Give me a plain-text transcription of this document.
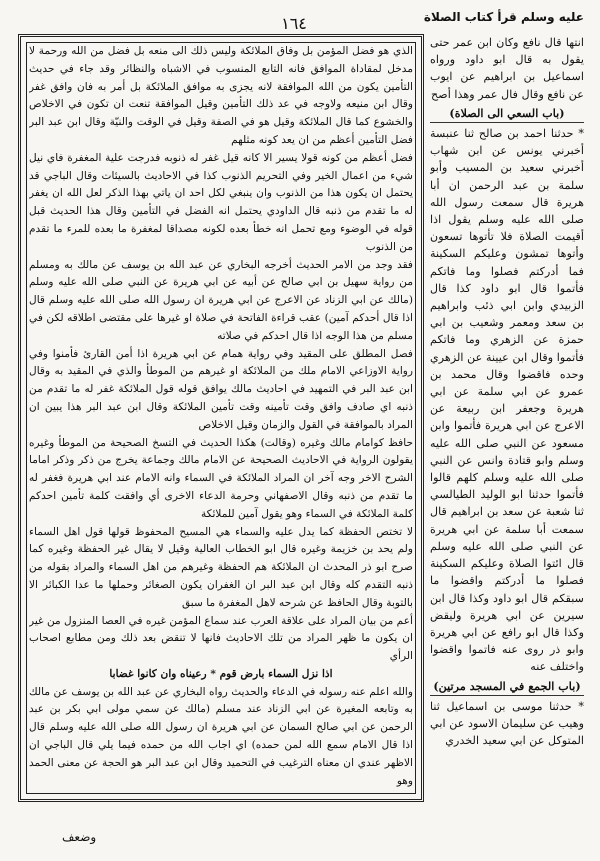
١٦٤	عليه وسلم قرأ كتاب الصلاة

الذي هو فضل المؤمن بل وفاق الملائكة وليس ذلك الى منعه بل فضل من الله ورحمة لا مدخل لمقاداة الموافق فانه التابع المنسوب في الاشباه والنظائر وقد جاء في حديث التأمين يكون من الله الموافقة لانه يجزى به موافق الملائكة بل أمر به فان وافق غفر وقال ابن منيعه ولاوجه في عد ذلك التأمين وقيل الموافقة تنعت ان تكون في الاخلاص والخشوع كما قال الملائكة وقيل هو في الصفة وقيل في الوقت والنيّة وقال ابن عبد البر فضل التأمين أعظم من ان يعد كونه مثلهم

فضل أعظم من كونه قولا يسير الا كانه قيل غفر له ذنوبه فدرجت علية المغفرة فاي نيل شيء من اعمال الخير وفي التحريم الذنوب كذا في الاحاديث بالسيئات وقال الباجي قد يحتمل ان يكون هذا من الذنوب وان ينبغي لكل احد ان ياتي بهذا الذكر لعل الله ان يغفر له ما تقدم من ذنبه قال الداودي يحتمل انه الفضل في التأمين وقال هذا الحديث قبل قوله في الوضوء ومع تحمل انه خطأ بعده لكونه مصداقا لمغفرة ما بعده للمرء ما تقدم من الذنوب

فقد وجد من الامر الحديث أخرجه البخاري عن عبد الله بن يوسف عن مالك به ومسلم من رواية سهيل بن ابي صالح عن أبيه عن ابي هريرة عن النبي صلى الله عليه وسلم (مالك عن ابي الزناد عن الاعرج عن ابي هريرة ان رسول الله صلى الله عليه وسلم قال اذا قال أحدكم آمين) عقب قراءة الفاتحة في صلاة او غيرها على مقتضى اطلاقه لكن في مسلم من هذا الوجه اذا قال احدكم في صلاته

فصل المطلق على المقيد وفي رواية همام عن ابي هريرة اذا أمن القارئ فأمنوا وفي رواية الاوزاعي الامام ملك من الملائكة او غيرهم من الموطأ والذي في المقيد به وقال ابن عبد البر في التمهيد في احاديث مالك يوافق قوله قول الملائكة غفر له ما تقدم من ذنبه اي صادف وافق وقت تأمينه وقت تأمين الملائكة وقال ابن عبد البر هذا يبين ان المراد بالموافقة في القول والزمان وقيل الاخلاص

حافظ كوامام مالك وغيره (وقالت) هكذا الحديث في التسخ الصحيحة من الموطأ وغيره يقولون الرواية في الاحاديث الصحيحة عن الامام مالك وجماعة يخرج من ذكر وذكر اماما الشرح الاخر وجه آخر ان المراد الملائكة في السماء وانه الامام عند ابي هريرة فغفر له ما تقدم من ذنبه وقال الاصفهاني وحرمة الدعاء الاخرى أي وافقت كلمة تأمين احدكم كلمة الملائكة في السماء وهو يقول آمين للملائكة

لا تختص الحفظة كما يدل عليه والسماء هي المسيح المحفوظ قولها قول اهل السماء ولم يحد بن خزيمة وغيره قال ابو الخطاب العالية وقيل لا يقال غير الحفظة وغيره كما صرح ابو ذر المحدث ان الملائكة هم الحفظة وغيرهم من اهل السماء والمراد بقوله من ذنبه التقدم كله وقال ابن عبد البر ان الغفران يكون الصغائر وحملها ما عدا الكبائر الا بالتوبة وقال الحافظ عن شرحه لاهل المغفرة ما سبق

أعم من بيان المراد على علاقة العرب عند سماع المؤمن غيره في العصا المنزول من غير ان يكون ما ظهر المراد من تلك الاحاديث فانها لا تنقض بعد ذلك ومن مطابع اصحاب الرأي

اذا نزل السماء بارض قوم * رعيناه وان كانوا غضابا

والله اعلم عنه رسوله في الدعاء والحديث رواه البخاري عن عبد الله بن يوسف عن مالك به وتابعه المغيرة عن ابي الزناد عند مسلم (مالك عن سمي مولى ابي بكر بن عبد الرحمن عن ابي صالح السمان عن ابي هريرة ان رسول الله صلى الله عليه وسلم قال اذا قال الامام سمع الله لمن حمده) اي اجاب الله من حمده فيما يلي قال الباجي ان الاظهر عندي ان معناه الترغيب في التحميد وقال ابن عبد البر هو الحجة عن معنى الحمد وهو

انتها قال نافع وكان ابن عمر حتى يقول به قال ابو داود ورواه اسماعيل بن ابراهيم عن ايوب عن نافع وقال فال عمر وهذا أصح

(باب السعي الى الصلاة)

* حدثنا احمد بن صالح ثنا عنبسة أخبرني يونس عن ابن شهاب أخبرني سعيد بن المسيب وأبو سلمة بن عبد الرحمن ان أبا هريرة قال سمعت رسول الله صلى الله عليه وسلم يقول اذا أقيمت الصلاة فلا تأتوها تسعون وأتوها تمشون وعليكم السكينة فما أدركتم فصلوا وما فاتكم فأتموا قال ابو داود كذا قال الزبيدي وابن ابي ذئب وابراهيم بن سعد ومعمر وشعيب بن ابي حمزة عن الزهري وما فاتكم فأتموا وقال ابن عيينة عن الزهري وحده فاقضوا وقال محمد بن عمرو عن ابي سلمة عن ابي هريرة وجعفر ابن ربيعة عن الاعرج عن ابي هريرة فأتموا وابن مسعود عن النبي صلى الله عليه وسلم وابو قتادة وانس عن النبي صلى الله عليه وسلم كلهم قالوا فأتموا حدثنا ابو الوليد الطيالسي ثنا شعبة عن سعد بن ابراهيم قال سمعت أبا سلمة عن ابي هريرة عن النبي صلى الله عليه وسلم قال ائتوا الصلاة وعليكم السكينة فصلوا ما أدركتم واقضوا ما سبقكم قال ابو داود وكذا قال ابن سيرين عن ابي هريرة وليقض وكذا قال ابو رافع عن ابي هريرة وابو ذر روى عنه فاتموا واقضوا واختلف عنه

(باب الجمع في المسجد مرتين)

* حدثنا موسى بن اسماعيل ثنا وهيب عن سليمان الاسود عن ابي المتوكل عن ابي سعيد الخدري

وضعف
